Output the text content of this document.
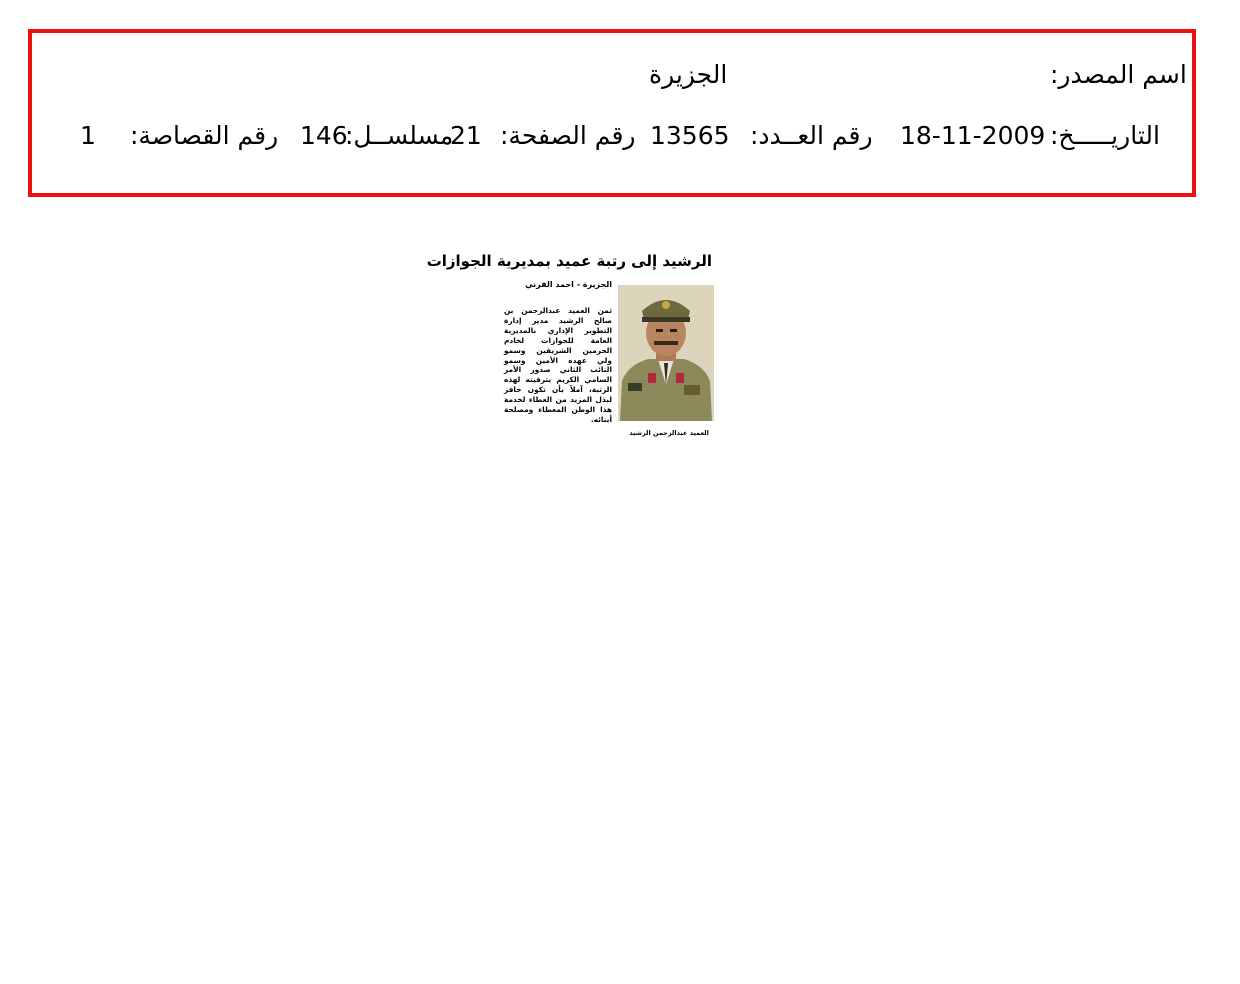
اسم المصدر:
الجزيرة
التاريـــــخ:
18-11-2009
رقم العــدد:
13565
رقم الصفحة:
21
مسلســل:
146
رقم القصاصة:
1
الرشيد إلى رتبة عميد بمديرية الجوازات
الجزيرة - احمد القرني
ثمن العميد عبدالرحمن بن صالح الرشيد مدير إدارة التطوير الإداري بالمديرية العامة للجوازات لخادم الحرمين الشريفين وسمو ولي عهده الأمين وسمو النائب الثاني صدور الأمر السامي الكريم بترقيته لهذه الرتبة، آملاً بأن تكون حافز لبذل المزيد من العطاء لخدمة هذا الوطن المعطاء ومصلحة أبنائه.
العميد عبدالرحمن الرشيد
